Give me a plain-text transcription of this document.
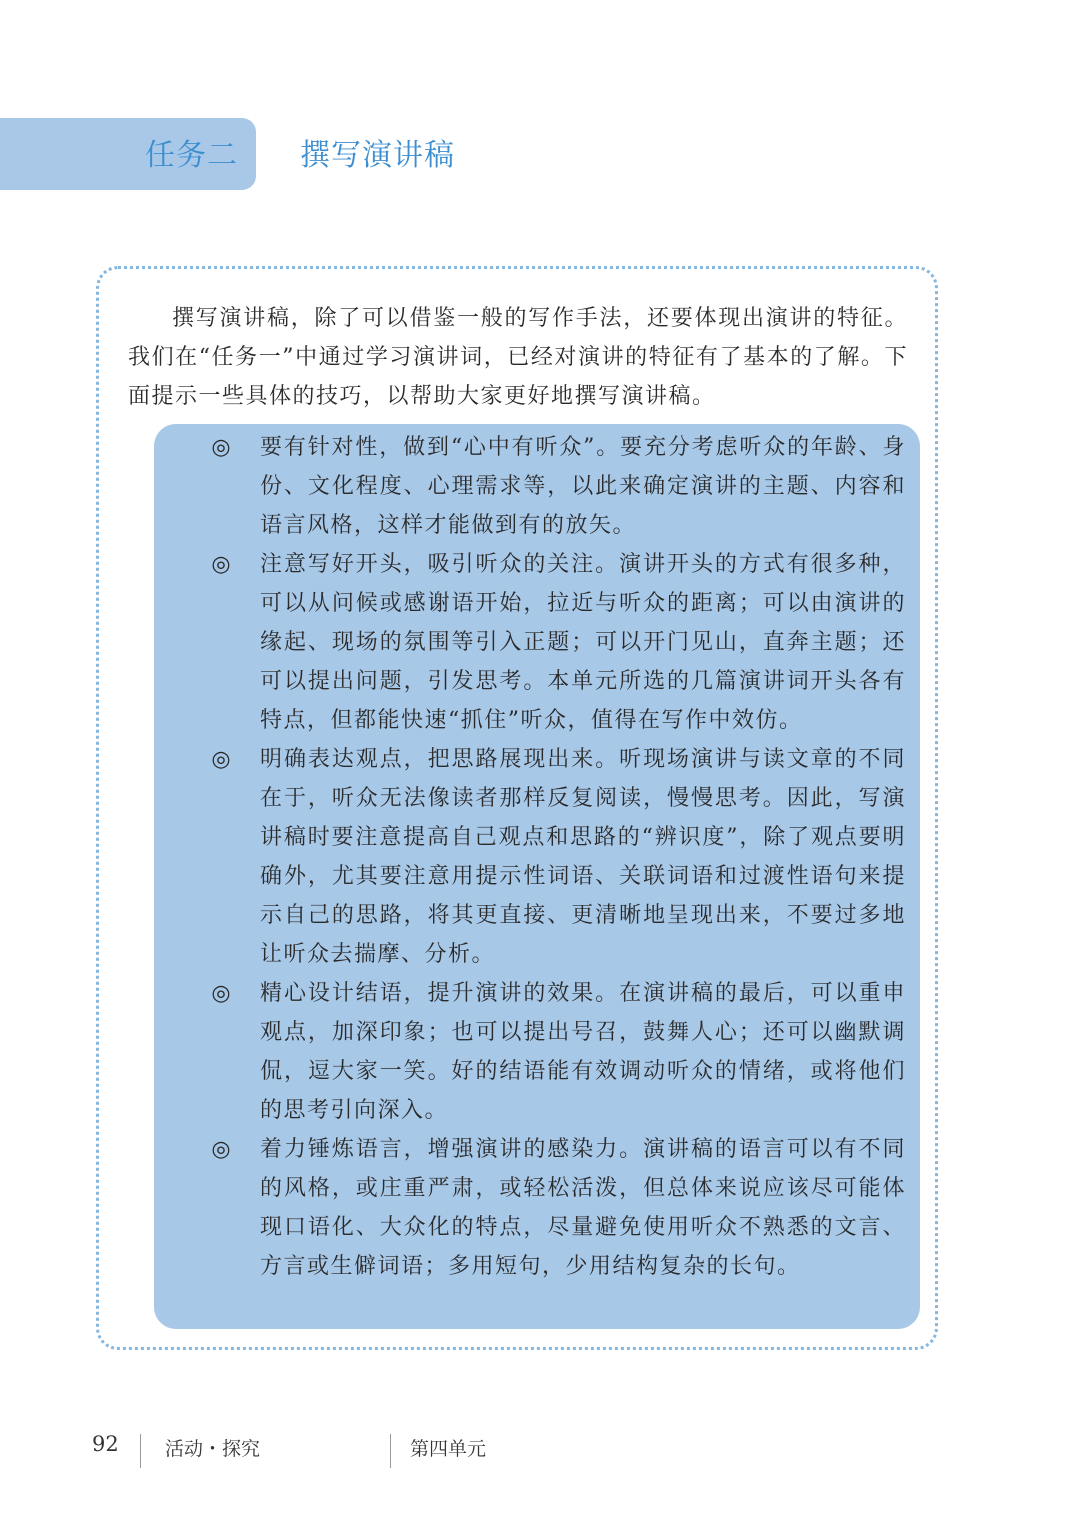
任务二 撰写演讲稿

撰写演讲稿，除了可以借鉴一般的写作手法，还要体现出演讲的特征。我们在“任务一”中通过学习演讲词，已经对演讲的特征有了基本的了解。下面提示一些具体的技巧，以帮助大家更好地撰写演讲稿。

◎ 要有针对性，做到“心中有听众”。要充分考虑听众的年龄、身份、文化程度、心理需求等，以此来确定演讲的主题、内容和语言风格，这样才能做到有的放矢。
◎ 注意写好开头，吸引听众的关注。演讲开头的方式有很多种，可以从问候或感谢语开始，拉近与听众的距离；可以由演讲的缘起、现场的氛围等引入正题；可以开门见山，直奔主题；还可以提出问题，引发思考。本单元所选的几篇演讲词开头各有特点，但都能快速“抓住”听众，值得在写作中效仿。
◎ 明确表达观点，把思路展现出来。听现场演讲与读文章的不同在于，听众无法像读者那样反复阅读，慢慢思考。因此，写演讲稿时要注意提高自己观点和思路的“辨识度”，除了观点要明确外，尤其要注意用提示性词语、关联词语和过渡性语句来提示自己的思路，将其更直接、更清晰地呈现出来，不要过多地让听众去揣摩、分析。
◎ 精心设计结语，提升演讲的效果。在演讲稿的最后，可以重申观点，加深印象；也可以提出号召，鼓舞人心；还可以幽默调侃，逗大家一笑。好的结语能有效调动听众的情绪，或将他们的思考引向深入。
◎ 着力锤炼语言，增强演讲的感染力。演讲稿的语言可以有不同的风格，或庄重严肃，或轻松活泼，但总体来说应该尽可能体现口语化、大众化的特点，尽量避免使用听众不熟悉的文言、方言或生僻词语；多用短句，少用结构复杂的长句。
92 活动・探究	第四单元
